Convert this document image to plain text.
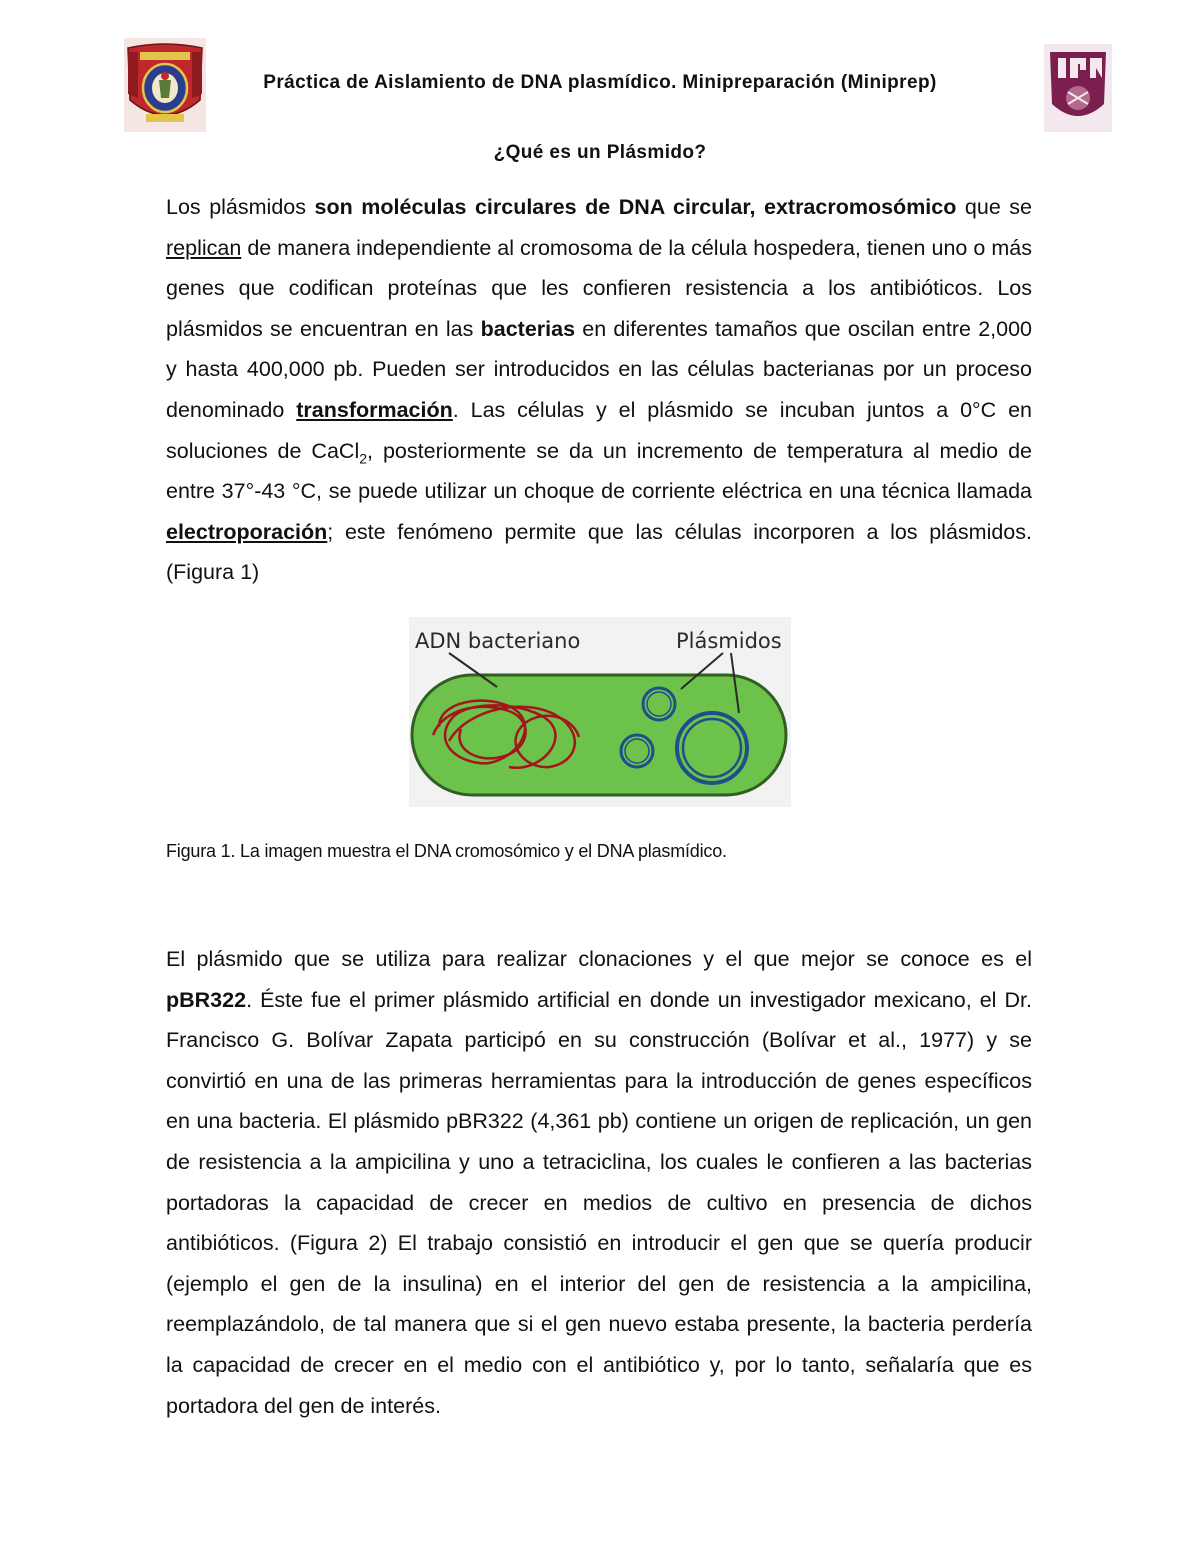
Práctica de Aislamiento de DNA plasmídico. Minipreparación (Miniprep)
¿Qué es un Plásmido?

Los plásmidos son moléculas circulares de DNA circular, extracromosómico que se replican de manera independiente al cromosoma de la célula hospedera, tienen uno o más genes que codifican proteínas que les confieren resistencia a los antibióticos. Los plásmidos se encuentran en las bacterias en diferentes tamaños que oscilan entre 2,000 y hasta 400,000 pb. Pueden ser introducidos en las células bacterianas por un proceso denominado transformación. Las células y el plásmido se incuban juntos a 0°C en soluciones de CaCl$_2$, posteriormente se da un incremento de temperatura al medio de entre 37°-43 °C, se puede utilizar un choque de corriente eléctrica en una técnica llamada electroporación; este fenómeno permite que las células incorporen a los plásmidos. (Figura 1)

ADN bacteriano	Plásmidos
Figura 1. La imagen muestra el DNA cromosómico y el DNA plasmídico.

El plásmido que se utiliza para realizar clonaciones y el que mejor se conoce es el pBR322. Éste fue el primer plásmido artificial en donde un investigador mexicano, el Dr. Francisco G. Bolívar Zapata participó en su construcción (Bolívar et al., 1977) y se convirtió en una de las primeras herramientas para la introducción de genes específicos en una bacteria. El plásmido pBR322 (4,361 pb) contiene un origen de replicación, un gen de resistencia a la ampicilina y uno a tetraciclina, los cuales le confieren a las bacterias portadoras la capacidad de crecer en medios de cultivo en presencia de dichos antibióticos. (Figura 2) El trabajo consistió en introducir el gen que se quería producir (ejemplo el gen de la insulina) en el interior del gen de resistencia a la ampicilina, reemplazándolo, de tal manera que si el gen nuevo estaba presente, la bacteria perdería la capacidad de crecer en el medio con el antibiótico y, por lo tanto, señalaría que es portadora del gen de interés.
